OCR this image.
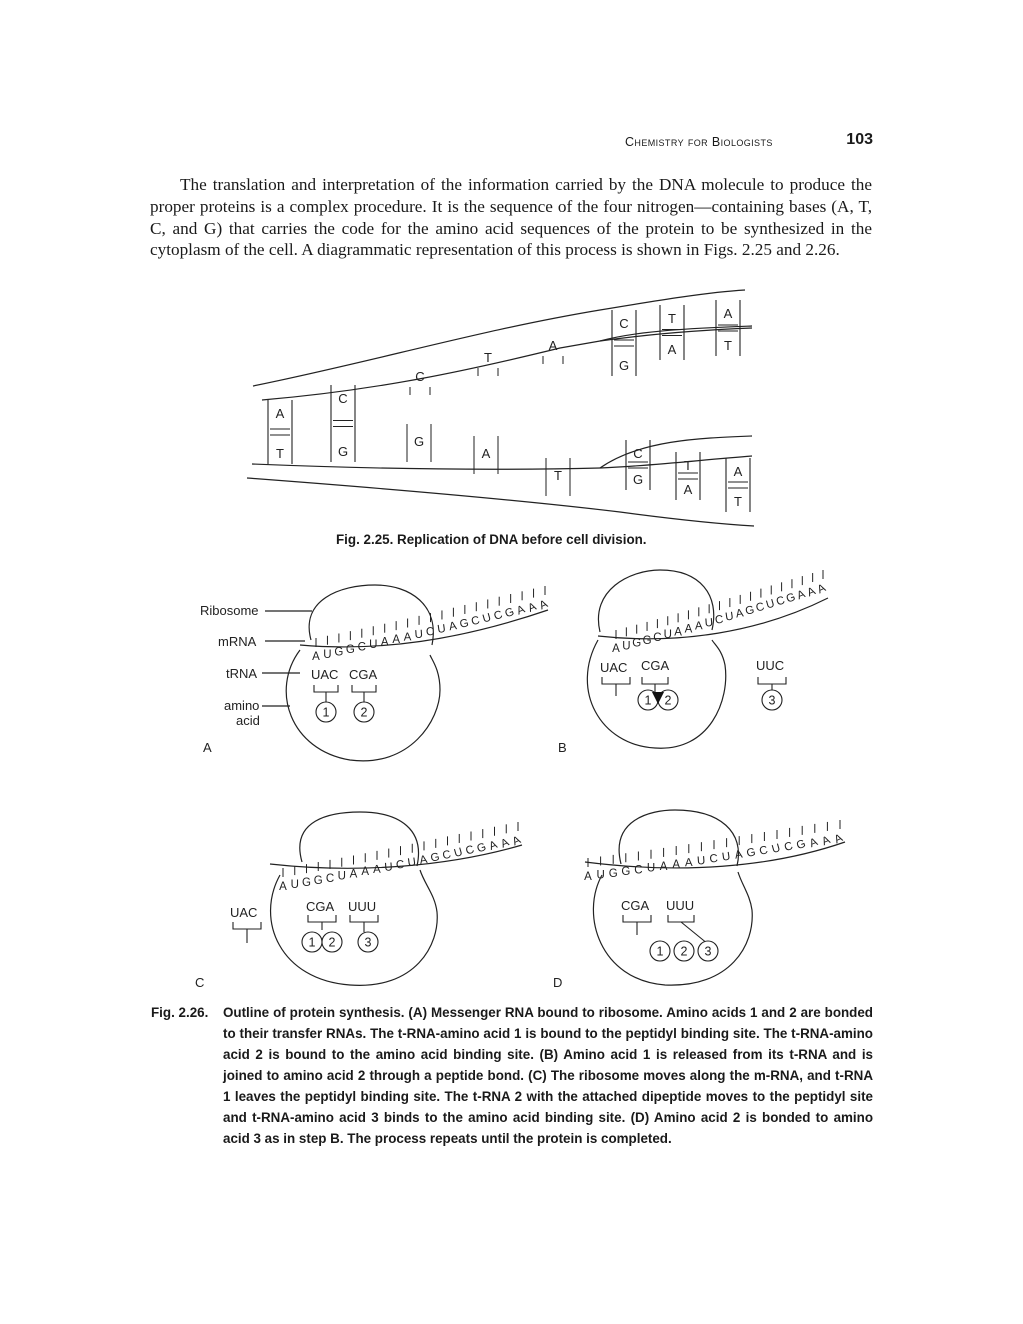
Chemistry for Biologists	103

The translation and interpretation of the information carried by the DNA molecule to produce the proper proteins is a complex procedure. It is the sequence of the four nitrogen—containing bases (A, T, C, and G) that carries the code for the amino acid sequences of the protein to be synthesized in the cytoplasm of the cell. A diagrammatic representation of this process is shown in Figs. 2.25 and 2.26.

A
T
C
G
C
T
A
G
A
T
C
G
T
A
A
T
C
G
T
A
A
T
A U G G C U A A A U C U A G C U C G A A A
A U G G C U A A A U C U A G C U
C
G
A
A
A
A U G G C U A A A U C U A G C U C G A A A
A U G G C U A A A U C U A G C U C G A A A
1 2
1 2	3
1 2 3
1 2 3
Ribosome
mRNA
tRNA
amino
acid
A	B
C	D
UAC CGA	UAC CGA	UUC
UAC	CGA UUU	CGA UUU
Fig. 2.25. Replication of DNA before cell division.
Fig. 2.26. Outline of protein synthesis. (A) Messenger RNA bound to ribosome. Amino acids 1 and 2 are bonded to their transfer RNAs. The t-RNA-amino acid 1 is bound to the peptidyl binding site. The t-RNA-amino acid 2 is bound to the amino acid binding site. (B) Amino acid 1 is released from its t-RNA and is joined to amino acid 2 through a peptide bond. (C) The ribosome moves along the m-RNA, and t-RNA 1 leaves the peptidyl binding site. The t-RNA 2 with the attached dipeptide moves to the peptidyl site and t-RNA-amino acid 3 binds to the amino acid binding site. (D) Amino acid 2 is bonded to amino acid 3 as in step B. The process repeats until the protein is completed.
